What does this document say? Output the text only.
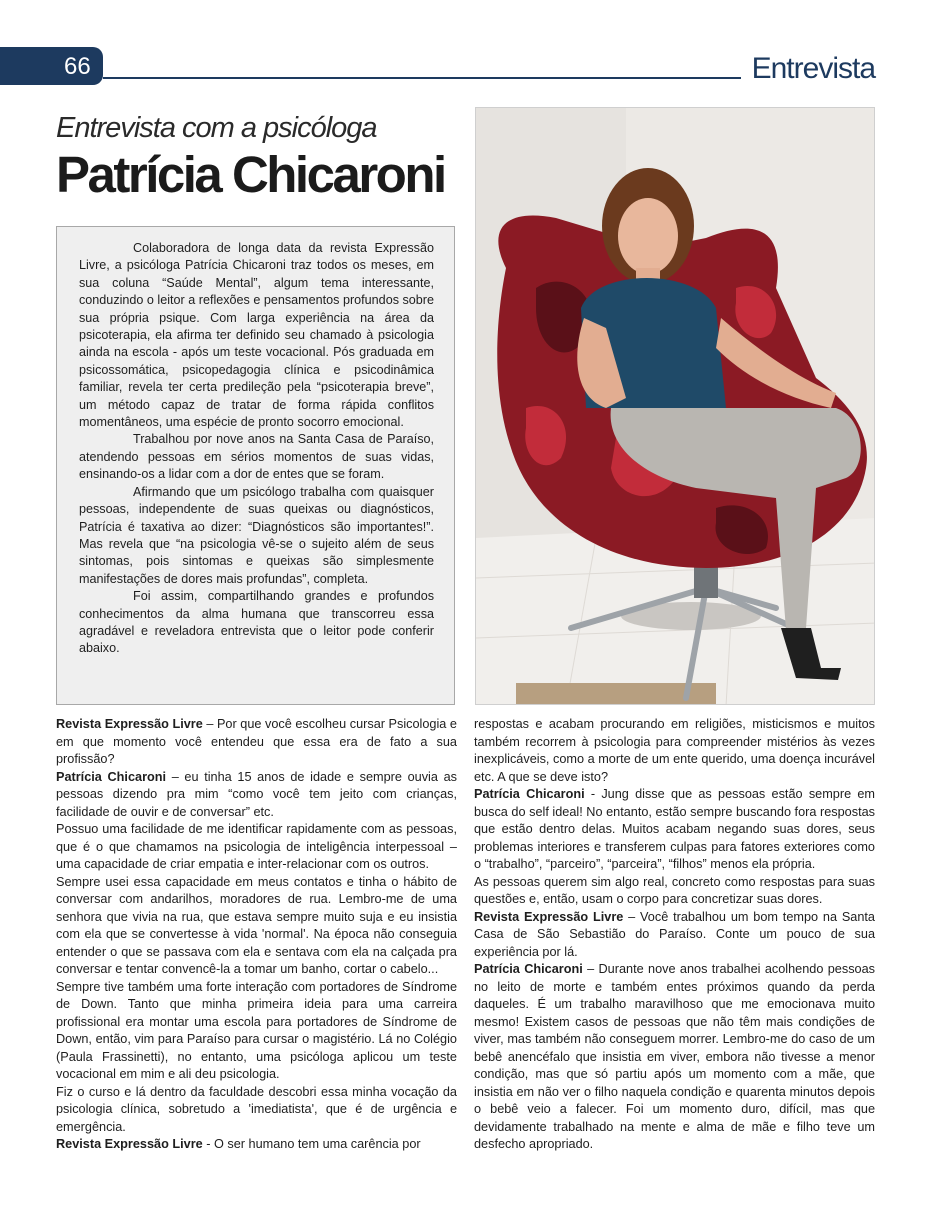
66	Entrevista
Entrevista com a psicóloga
Patrícia Chicaroni

Colaboradora de longa data da revista Expressão Livre, a psicóloga Patrícia Chicaroni traz todos os meses, em sua coluna “Saúde Mental”, algum tema interessante, conduzindo o leitor a reflexões e pensamentos profundos sobre sua própria psique. Com larga experiência na área da psicoterapia, ela afirma ter definido seu chamado à psicologia ainda na escola - após um teste vocacional. Pós graduada em psicossomática, psicopedagogia clínica e psicodinâmica familiar, revela ter certa predileção pela “psicoterapia breve”, um método capaz de tratar de forma rápida conflitos momentâneos, uma espécie de pronto socorro emocional.

Trabalhou por nove anos na Santa Casa de Paraíso, atendendo pessoas em sérios momentos de suas vidas, ensinando-os a lidar com a dor de entes que se foram.

Afirmando que um psicólogo trabalha com quaisquer pessoas, independente de suas queixas ou diagnósticos, Patrícia é taxativa ao dizer: “Diagnósticos são importantes!”. Mas revela que “na psicologia vê-se o sujeito além de seus sintomas, pois sintomas e queixas são simplesmente manifestações de dores mais profundas”, completa.

Foi assim, compartilhando grandes e profundos conhecimentos da alma humana que transcorreu essa agradável e reveladora entrevista que o leitor pode conferir abaixo.

Revista Expressão Livre – Por que você escolheu cursar Psicologia e em que momento você entendeu que essa era de fato a sua profissão?

Patrícia Chicaroni – eu tinha 15 anos de idade e sempre ouvia as pessoas dizendo pra mim “como você tem jeito com crianças, facilidade de ouvir e de conversar” etc.

Possuo uma facilidade de me identificar rapidamente com as pessoas, que é o que chamamos na psicologia de inteligência interpessoal – uma capacidade de criar empatia e inter-relacionar com os outros.

Sempre usei essa capacidade em meus contatos e tinha o hábito de conversar com andarilhos, moradores de rua. Lembro-me de uma senhora que vivia na rua, que estava sempre muito suja e eu insistia com ela que se convertesse à vida 'normal'. Na época não conseguia entender o que se passava com ela e sentava com ela na calçada pra conversar e tentar convencê-la a tomar um banho, cortar o cabelo...

Sempre tive também uma forte interação com portadores de Síndrome de Down. Tanto que minha primeira ideia para uma carreira profissional era montar uma escola para portadores de Síndrome de Down, então, vim para Paraíso para cursar o magistério. Lá no Colégio (Paula Frassinetti), no entanto, uma psicóloga aplicou um teste vocacional em mim e ali deu psicologia.

Fiz o curso e lá dentro da faculdade descobri essa minha vocação da psicologia clínica, sobretudo a 'imediatista', que é de urgência e emergência.

Revista Expressão Livre - O ser humano tem uma carência por

respostas e acabam procurando em religiões, misticismos e muitos também recorrem à psicologia para compreender mistérios às vezes inexplicáveis, como a morte de um ente querido, uma doença incurável etc. A que se deve isto?

Patrícia Chicaroni - Jung disse que as pessoas estão sempre em busca do self ideal! No entanto, estão sempre buscando fora respostas que estão dentro delas. Muitos acabam negando suas dores, seus problemas interiores e transferem culpas para fatores exteriores como o “trabalho”, “parceiro”, “parceira”, “filhos” menos ela própria.

As pessoas querem sim algo real, concreto como respostas para suas questões e, então, usam o corpo para concretizar suas dores.

Revista Expressão Livre – Você trabalhou um bom tempo na Santa Casa de São Sebastião do Paraíso. Conte um pouco de sua experiência por lá.

Patrícia Chicaroni – Durante nove anos trabalhei acolhendo pessoas no leito de morte e também entes próximos quando da perda daqueles. É um trabalho maravilhoso que me emocionava muito mesmo! Existem casos de pessoas que não têm mais condições de viver, mas também não conseguem morrer. Lembro-me do caso de um bebê anencéfalo que insistia em viver, embora não tivesse a menor condição, mas que só partiu após um momento com a mãe, que insistia em não ver o filho naquela condição e quarenta minutos depois o bebê veio a falecer. Foi um momento duro, difícil, mas que devidamente trabalhado na mente e alma de mãe e filho teve um desfecho apropriado.
